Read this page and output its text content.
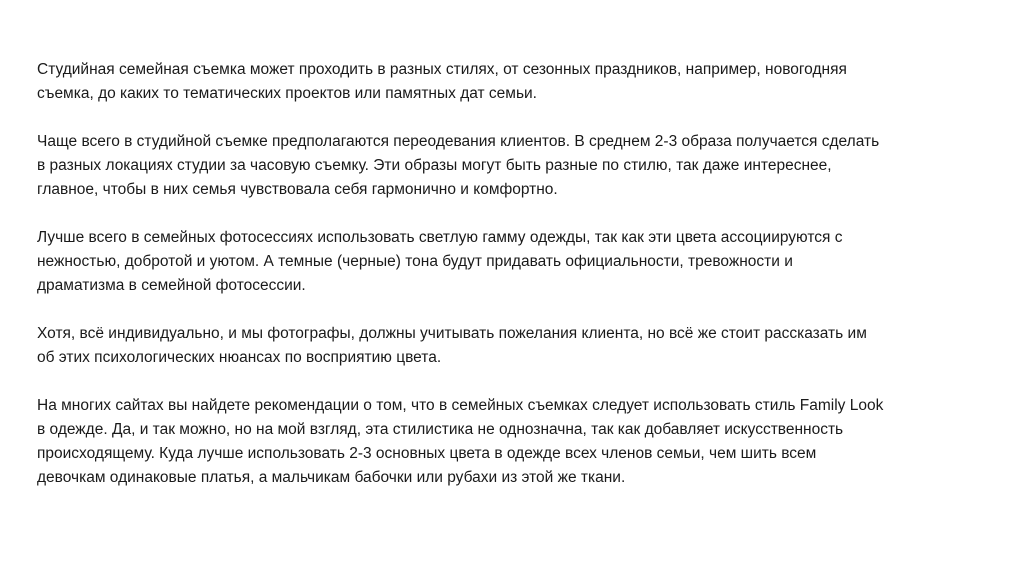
Студийная семейная съемка может проходить в разных стилях, от сезонных праздников, например, новогодняя
съемка, до каких то тематических проектов или памятных дат семьи.

Чаще всего в студийной съемке предполагаются переодевания клиентов. В среднем 2-3 образа получается сделать
в разных локациях студии за часовую съемку. Эти образы могут быть разные по стилю, так даже интереснее,
главное, чтобы в них семья чувствовала себя гармонично и комфортно.

Лучше всего в семейных фотосессиях использовать светлую гамму одежды, так как эти цвета ассоциируются с
нежностью, добротой и уютом. А темные (черные) тона будут придавать официальности, тревожности и
драматизма в семейной фотосессии.

Хотя, всё индивидуально, и мы фотографы, должны учитывать пожелания клиента, но всё же стоит рассказать им
об этих психологических нюансах по восприятию цвета.

На многих сайтах вы найдете рекомендации о том, что в семейных съемках следует использовать стиль Family Look
в одежде. Да, и так можно, но на мой взгляд, эта стилистика не однозначна, так как добавляет искусственность
происходящему. Куда лучше использовать 2-3 основных цвета в одежде всех членов семьи, чем шить всем
девочкам одинаковые платья, а мальчикам бабочки или рубахи из этой же ткани.
